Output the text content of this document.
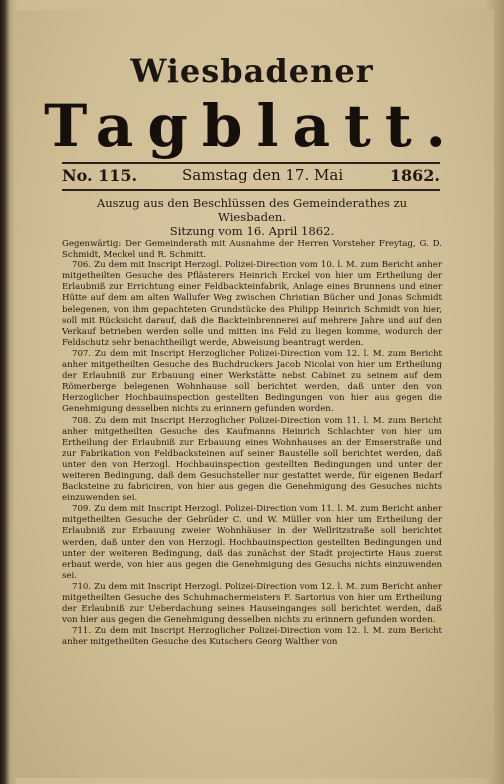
Wiesbadener
Tagblatt.
No. 115.	Samstag den 17. Mai	1862.

Auszug aus den Beschlüssen des Gemeinderathes zu Wiesbaden.

Sitzung vom 16. April 1862.

Gegenwärtig: Der Gemeinderath mit Ausnahme der Herren Vorsteher Freytag, G. D. Schmidt, Meckel und R. Schmitt.

706. Zu dem mit Inscript Herzogl. Polizei-Direction vom 10. l. M. zum Bericht anher mitgetheilten Gesuche des Pflästerers Heinrich Erckel von hier um Ertheilung der Erlaubniß zur Errichtung einer Feldbackteinfabrik, Anlage eines Brunnens und einer Hütte auf dem am alten Wallufer Weg zwischen Christian Bücher und Jonas Schmidt belegenen, von ihm gepachteten Grundstücke des Philipp Heinrich Schmidt von hier, soll mit Rücksicht darauf, daß die Backteinbrennerei auf mehrere Jahre und auf den Verkauf betrieben werden solle und mitten ins Feld zu liegen komme, wodurch der Feldschutz sehr benachtheiligt werde, Abweisung beantragt werden.

707. Zu dem mit Inscript Herzoglicher Polizei-Direction vom 12. l. M. zum Bericht anher mitgetheilten Gesuche des Buchdruckers Jacob Nicolai von hier um Ertheilung der Erlaubniß zur Erbauung einer Werkstätte nebst Cabinet zu seinem auf dem Römerberge belegenen Wohnhause soll berichtet werden, daß unter den von Herzoglicher Hochbauinspection gestellten Bedingungen von hier aus gegen die Genehmigung desselben nichts zu erinnern gefunden worden.

708. Zu dem mit Inscript Herzoglicher Polizei-Direction vom 11. l. M. zum Bericht anher mitgetheilten Gesuche des Kaufmanns Heinrich Schlachter von hier um Ertheilung der Erlaubniß zur Erbauung eines Wohnhauses an der Emserstraße und zur Fabrikation von Feldbacksteinen auf seiner Baustelle soll berichtet werden, daß unter den von Herzogl. Hochbauinspection gestellten Bedingungen und unter der weiteren Bedingung, daß dem Gesuchsteller nur gestattet werde, für eigenen Bedarf Backsteine zu fabriciren, von hier aus gegen die Genehmigung des Gesuches nichts einzuwenden sei.

709. Zu dem mit Inscript Herzogl. Polizei-Direction vom 11. l. M. zum Bericht anher mitgetheilten Gesuche der Gebrüder C. und W. Müller von hier um Ertheilung der Erlaubniß zur Erbauung zweier Wohnhäuser in der Wellritzstraße soll berichtet werden, daß unter den von Herzogl. Hochbauinspection gestellten Bedingungen und unter der weiteren Bedingung, daß das zunächst der Stadt projectirte Haus zuerst erbaut werde, von hier aus gegen die Genehmigung des Gesuchs nichts einzuwenden sei.

710. Zu dem mit Inscript Herzogl. Polizei-Direction vom 12. l. M. zum Bericht anher mitgetheilten Gesuche des Schuhmachermeisters F. Sartorius von hier um Ertheilung der Erlaubniß zur Ueberdachung seines Hauseinganges soll berichtet werden, daß von hier aus gegen die Genehmigung desselben nichts zu erinnern gefunden worden.

711. Zu dem mit Inscript Herzoglicher Polizei-Direction vom 12. l. M. zum Bericht anher mitgetheilten Gesuche des Kutschers Georg Walther von
